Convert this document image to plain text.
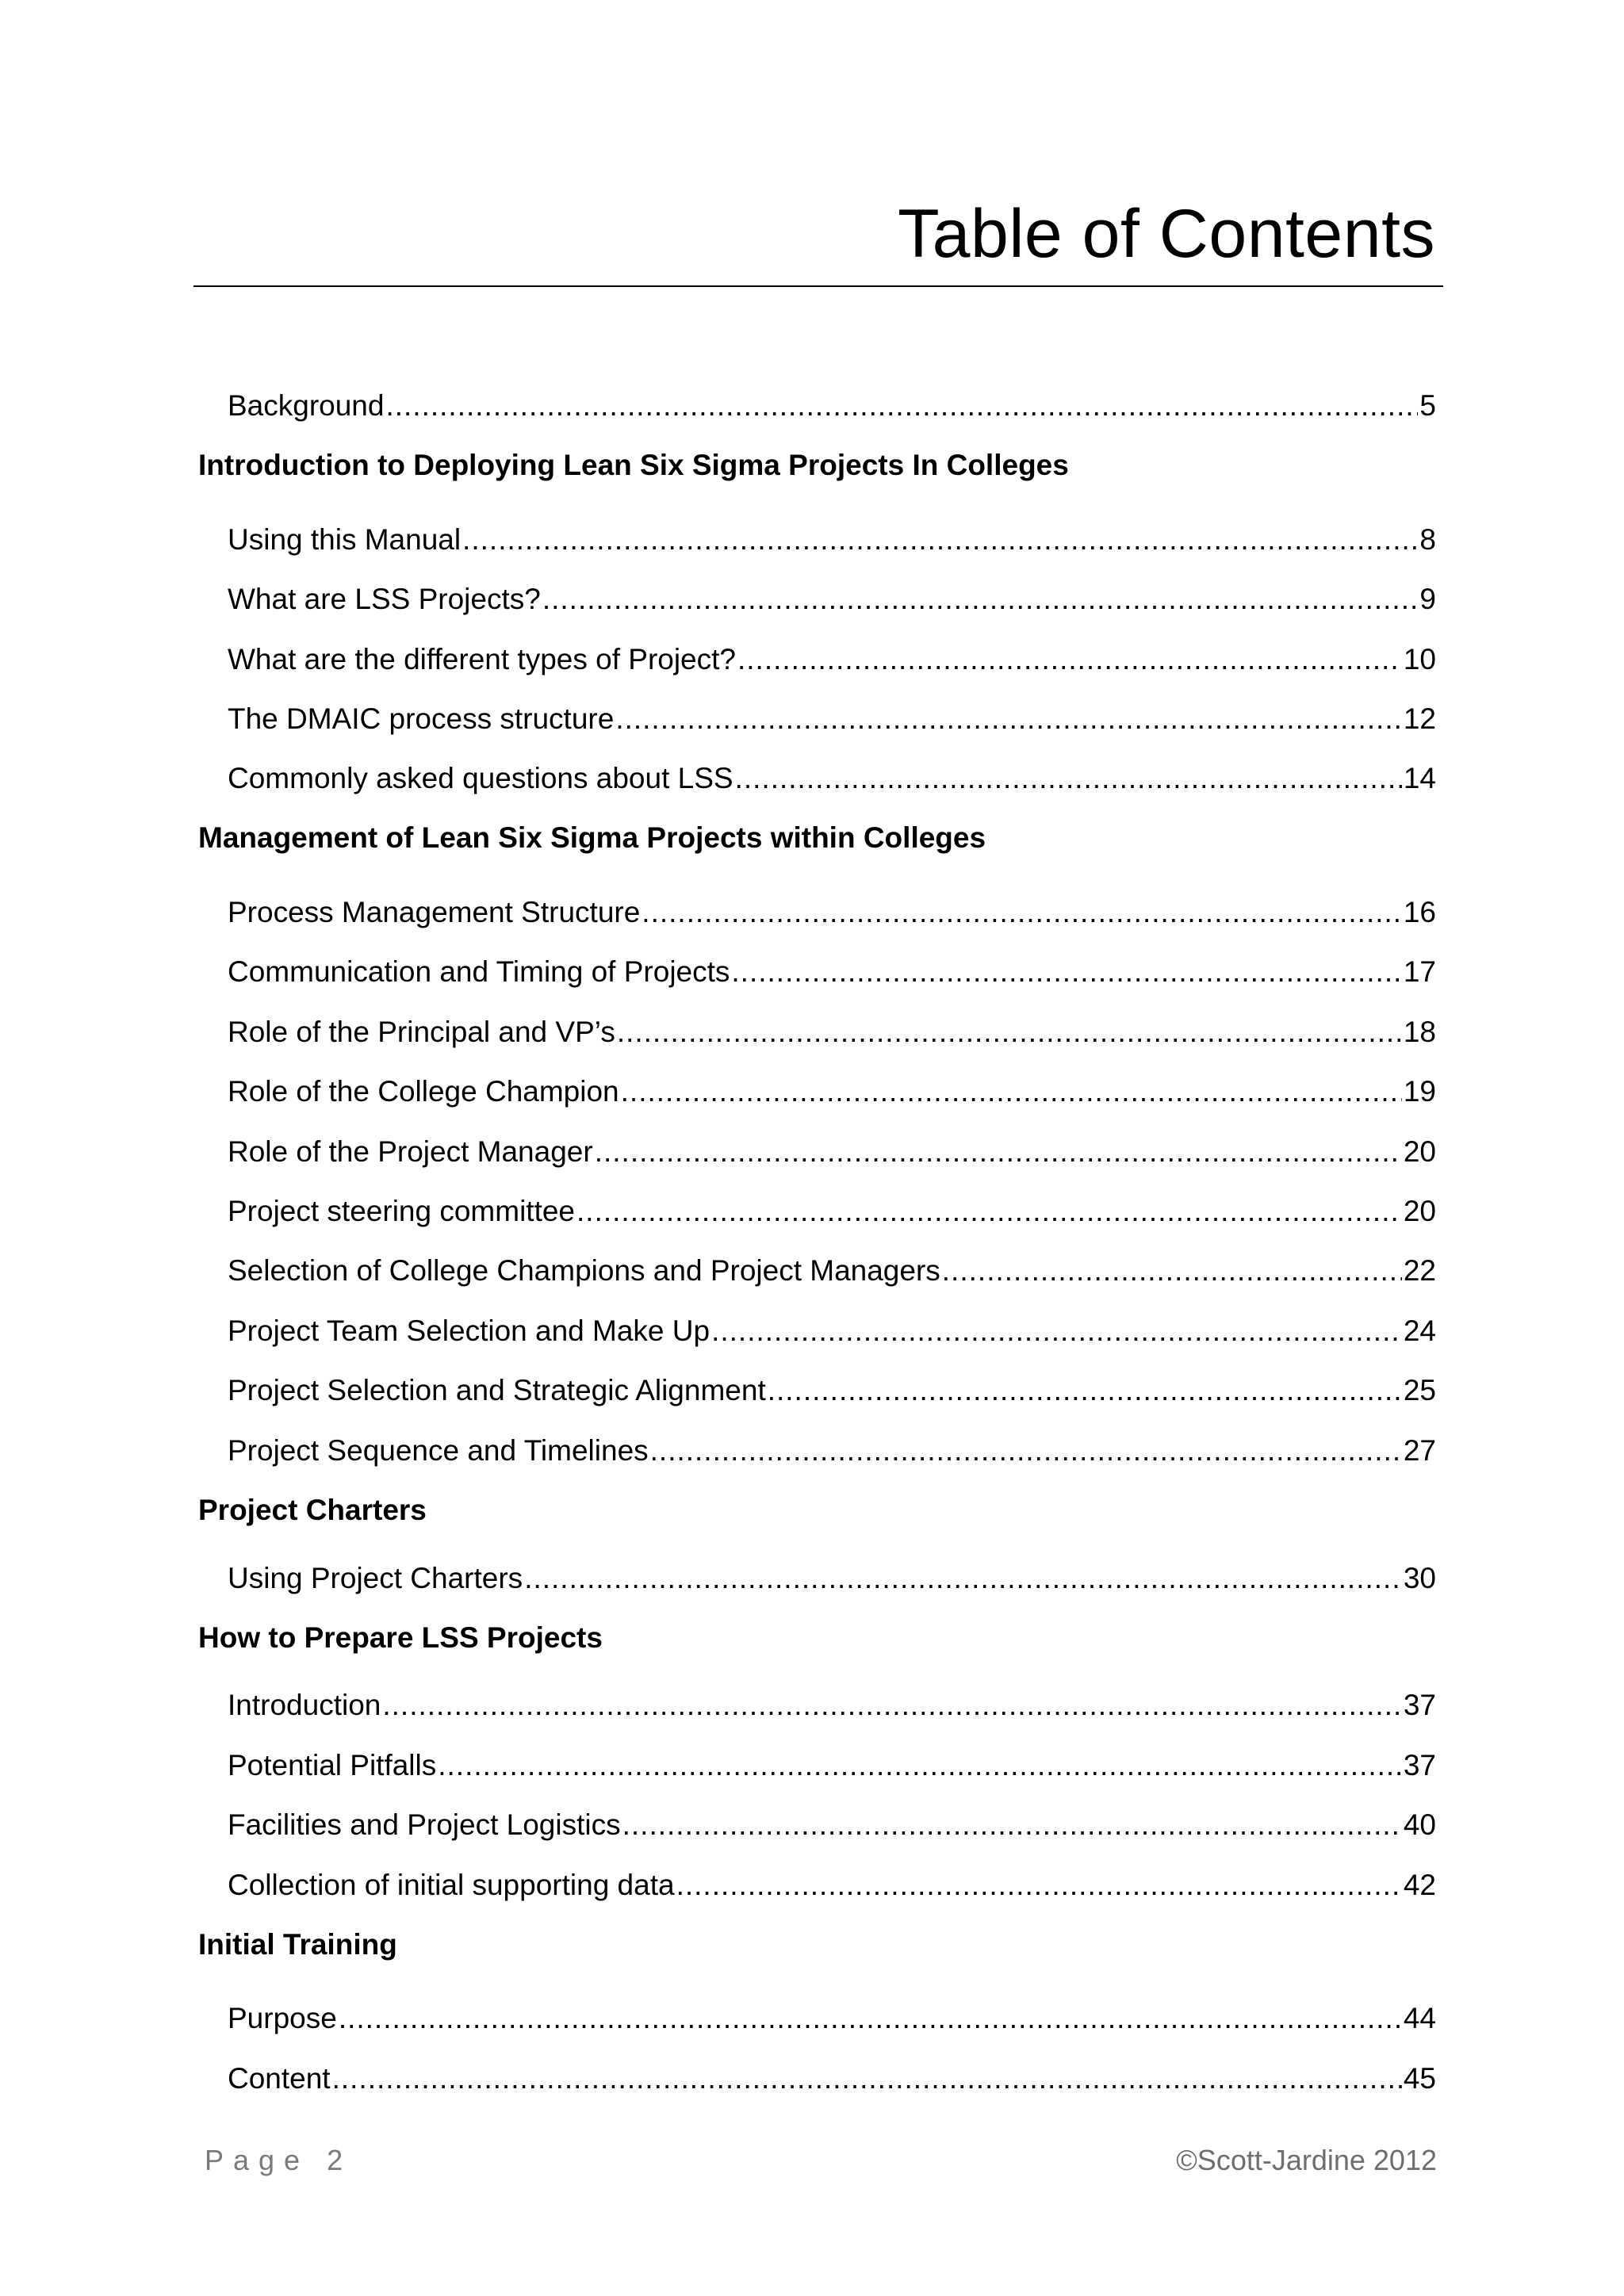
Table of Contents
Background .....	5
Introduction to Deploying Lean Six Sigma Projects In Colleges
Using this Manual .....	8
What are LSS Projects? .....	9
What are the different types of Project? .....	10
The DMAIC process structure .....	12
Commonly asked questions about LSS .....	14
Management of Lean Six Sigma Projects within Colleges
Process Management Structure .....	16
Communication and Timing of Projects .....	17
Role of the Principal and VP’s .....	18
Role of the College Champion .....	19
Role of the Project Manager .....	20
Project steering committee .....	20
Selection of College Champions and Project Managers .....	22
Project Team Selection and Make Up .....	24
Project Selection and Strategic Alignment .....	25
Project Sequence and Timelines .....	27
Project Charters
Using Project Charters .....	30
How to Prepare LSS Projects
Introduction .....	37
Potential Pitfalls .....	37
Facilities and Project Logistics .....	40
Collection of initial supporting data .....	42
Initial Training
Purpose .....	44
Content .....	45
Page 2	©Scott-Jardine 2012
